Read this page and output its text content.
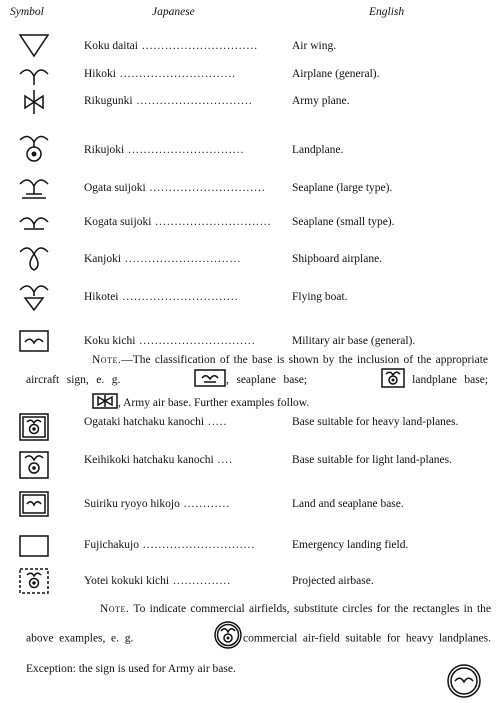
Symbol	Japanese	English
Koku daitai ..............................	Air wing.
Hikoki ..............................	Airplane (general).
Rikugunki ..............................	Army plane.
Rikujoki ..............................	Landplane.
Ogata suijoki ..............................	Seaplane (large type).
Kogata suijoki .............................. Seaplane (small type).
Kanjoki ..............................	Shipboard airplane.
Hikotei ..............................	Flying boat.
Koku kichi ..............................	Military air base (general).
Note.—The classification of the base is shown by the inclusion of the appropriate aircraft sign, e. g.	, seaplane base;	landplane base; , Army air base. Further examples follow.
Ogataki hatchaku kanochi .....	Base suitable for heavy land-planes.
Keihikoki hatchaku kanochi ....	Base suitable for light land-planes.
Suiriku ryoyo hikojo ............	Land and seaplane base.
Fujichakujo .............................	Emergency landing field.
Yotei kokuki kichi ...............	Projected airbase.
Note. To indicate commercial airfields, substitute circles for the rectangles in the above examples, e. g.	commercial air-field suitable for heavy landplanes. Exception: the sign is used for Army air base.
